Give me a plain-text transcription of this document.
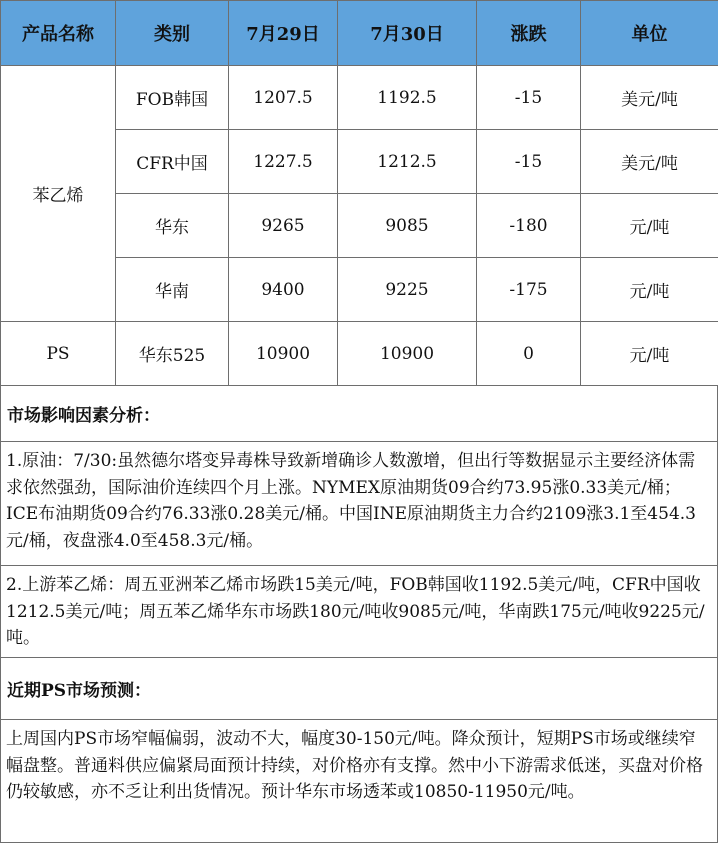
产品名称	类别	7月29日	7月30日	涨跌	单位
苯乙烯	FOB韩国	1207.5	1192.5	-15	美元/吨
	CFR中国	1227.5	1212.5	-15	美元/吨
	华东	9265	9085	-180	元/吨
	华南	9400	9225	-175	元/吨
PS	华东525	10900	10900	0	元/吨
市场影响因素分析：
1.原油：7/30:虽然德尔塔变异毒株导致新增确诊人数激增，但出行等数据显示主要经济体需求依然强劲，国际油价连续四个月上涨。NYMEX原油期货09合约73.95涨0.33美元/桶；ICE布油期货09合约76.33涨0.28美元/桶。中国INE原油期货主力合约2109涨3.1至454.3元/桶，夜盘涨4.0至458.3元/桶。
2.上游苯乙烯：周五亚洲苯乙烯市场跌15美元/吨，FOB韩国收1192.5美元/吨，CFR中国收1212.5美元/吨；周五苯乙烯华东市场跌180元/吨收9085元/吨，华南跌175元/吨收9225元/吨。
近期PS市场预测：
上周国内PS市场窄幅偏弱，波动不大，幅度30-150元/吨。降众预计，短期PS市场或继续窄幅盘整。普通料供应偏紧局面预计持续，对价格亦有支撑。然中小下游需求低迷，买盘对价格仍较敏感，亦不乏让利出货情况。预计华东市场透苯或10850-11950元/吨。
